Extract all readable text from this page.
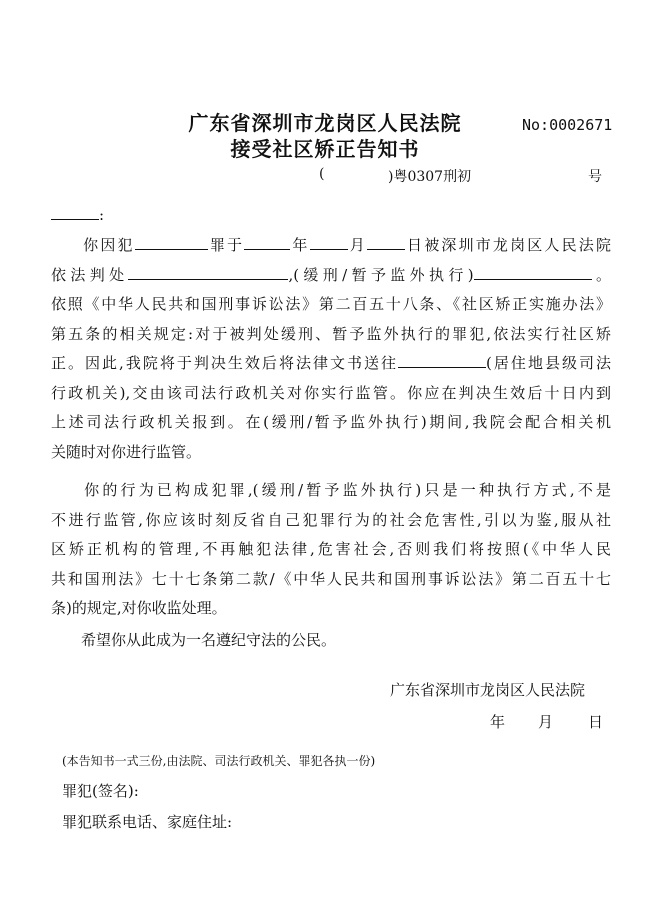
广东省深圳市龙岗区人民法院
接受社区矫正告知书
No:0002671
(	)粤0307刑初	号
:

你因犯	罪于	年	月	日被深圳市龙岗区人民法院

依法判处	,(缓刑/暂予监外执行)	。

依照《中华人民共和国刑事诉讼法》第二百五十八条、《社区矫正实施办法》

第五条的相关规定:对于被判处缓刑、暂予监外执行的罪犯,依法实行社区矫

正。因此,我院将于判决生效后将法律文书送往	(居住地县级司法

行政机关),交由该司法行政机关对你实行监管。你应在判决生效后十日内到

上述司法行政机关报到。在(缓刑/暂予监外执行)期间,我院会配合相关机

关随时对你进行监管。

你的行为已构成犯罪,(缓刑/暂予监外执行)只是一种执行方式,不是

不进行监管,你应该时刻反省自己犯罪行为的社会危害性,引以为鉴,服从社

区矫正机构的管理,不再触犯法律,危害社会,否则我们将按照(《中华人民

共和国刑法》七十七条第二款/《中华人民共和国刑事诉讼法》第二百五十七

条)的规定,对你收监处理。

希望你从此成为一名遵纪守法的公民。
广东省深圳市龙岗区人民法院
年 月 日
(本告知书一式三份,由法院、司法行政机关、罪犯各执一份)
罪犯(签名):
罪犯联系电话、家庭住址:
